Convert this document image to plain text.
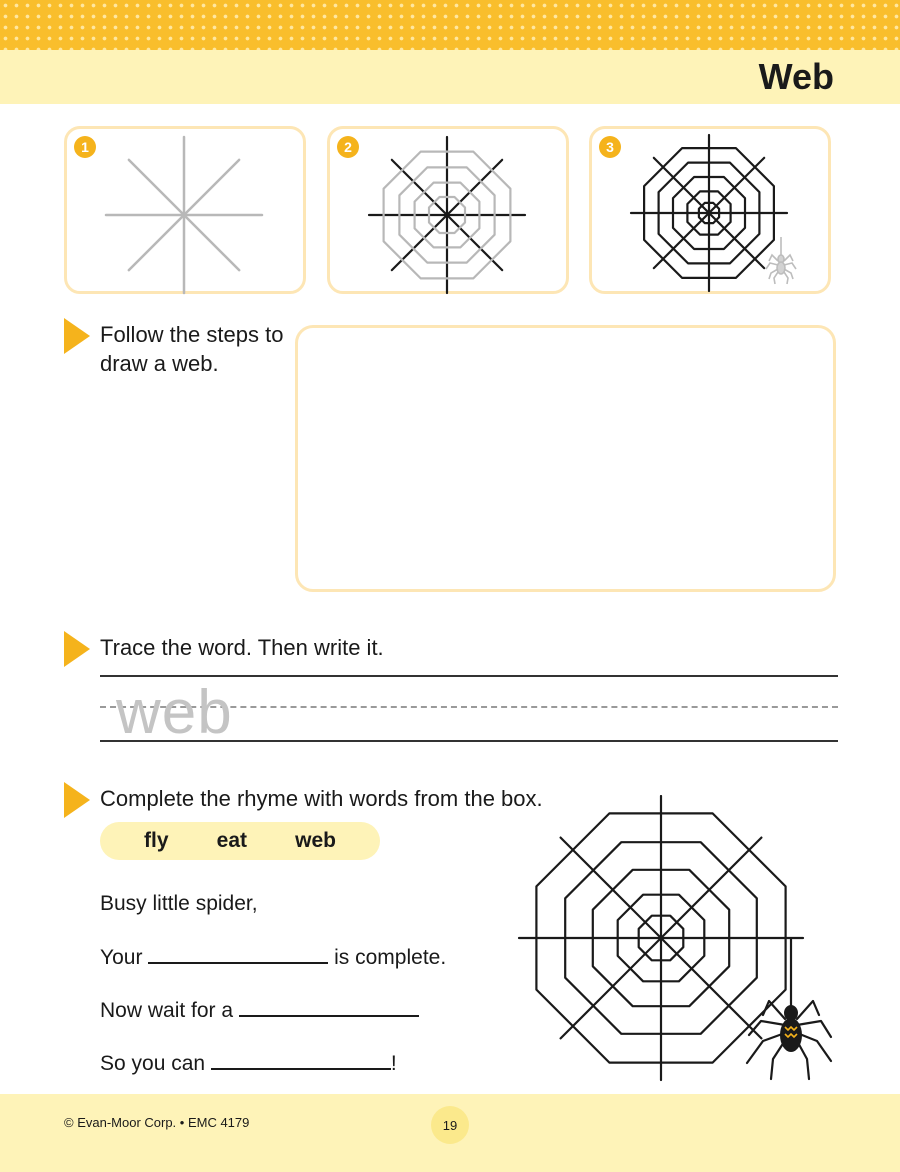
Web
1	2	3
Follow the steps to draw a web.
Trace the word. Then write it.
web
Complete the rhyme with words from the box.
fly eat web
Busy little spider,
Your	is complete.
Now wait for a
So you can	!
© Evan-Moor Corp. • EMC 4179	19
